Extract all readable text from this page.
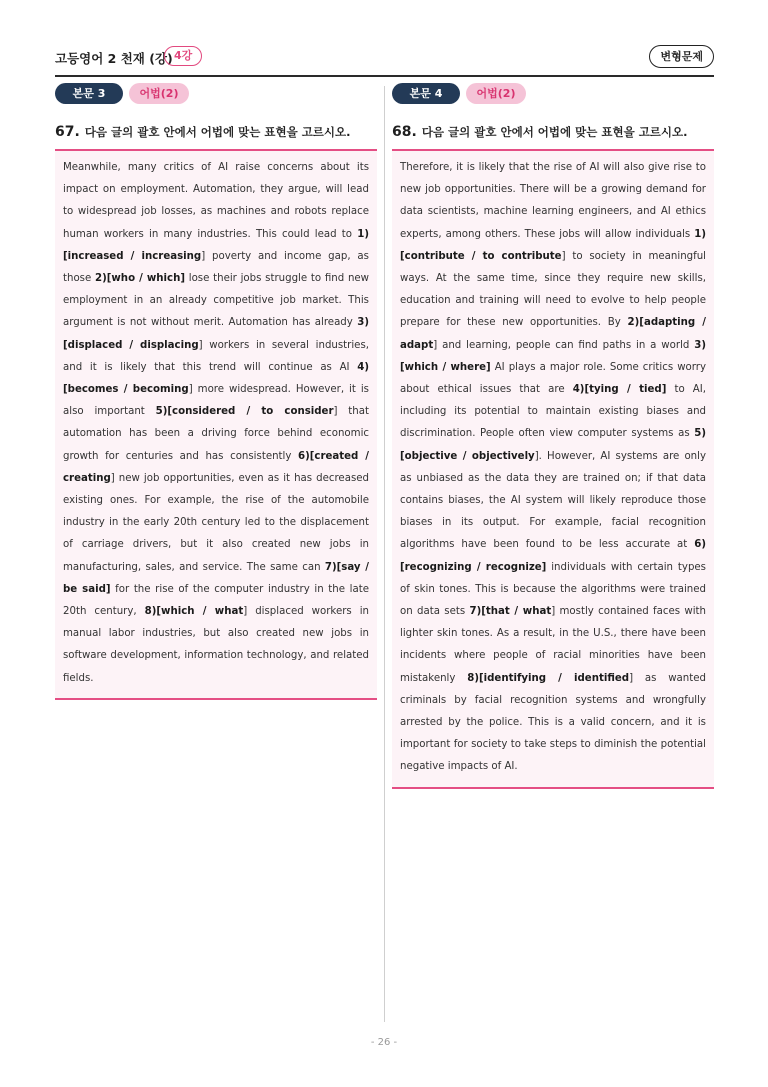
고등영어 2 천재 (강) 4강	변형문제
본문 3	어법(2)
67. 다음 글의 괄호 안에서 어법에 맞는 표현을 고르시오.

Meanwhile, many critics of AI raise concerns about its impact on employment. Automation, they argue, will lead to widespread job losses, as machines and robots replace human workers in many industries. This could lead to 1)[increased / increasing] poverty and income gap, as those 2)[who / which] lose their jobs struggle to find new employment in an already competitive job market. This argument is not without merit. Automation has already 3)[displaced / displacing] workers in several industries, and it is likely that this trend will continue as AI 4)[becomes / becoming] more widespread. However, it is also important 5)[considered / to consider] that automation has been a driving force behind economic growth for centuries and has consistently 6)[created / creating] new job opportunities, even as it has decreased existing ones. For example, the rise of the automobile industry in the early 20th century led to the displacement of carriage drivers, but it also created new jobs in manufacturing, sales, and service. The same can 7)[say / be said] for the rise of the computer industry in the late 20th century, 8)[which / what] displaced workers in manual labor industries, but also created new jobs in software development, information technology, and related fields.

본문 4	어법(2)
68. 다음 글의 괄호 안에서 어법에 맞는 표현을 고르시오.

Therefore, it is likely that the rise of AI will also give rise to new job opportunities. There will be a growing demand for data scientists, machine learning engineers, and AI ethics experts, among others. These jobs will allow individuals 1)[contribute / to contribute] to society in meaningful ways. At the same time, since they require new skills, education and training will need to evolve to help people prepare for these new opportunities. By 2)[adapting / adapt] and learning, people can find paths in a world 3)[which / where] AI plays a major role. Some critics worry about ethical issues that are 4)[tying / tied] to AI, including its potential to maintain existing biases and discrimination. People often view computer systems as 5) [objective / objectively]. However, AI systems are only as unbiased as the data they are trained on; if that data contains biases, the AI system will likely reproduce those biases in its output. For example, facial recognition algorithms have been found to be less accurate at 6)[recognizing / recognize] individuals with certain types of skin tones. This is because the algorithms were trained on data sets 7)[that / what] mostly contained faces with lighter skin tones. As a result, in the U.S., there have been incidents where people of racial minorities have been mistakenly 8)[identifying / identified] as wanted criminals by facial recognition systems and wrongfully arrested by the police. This is a valid concern, and it is important for society to take steps to diminish the potential negative impacts of AI.

- 26 -
